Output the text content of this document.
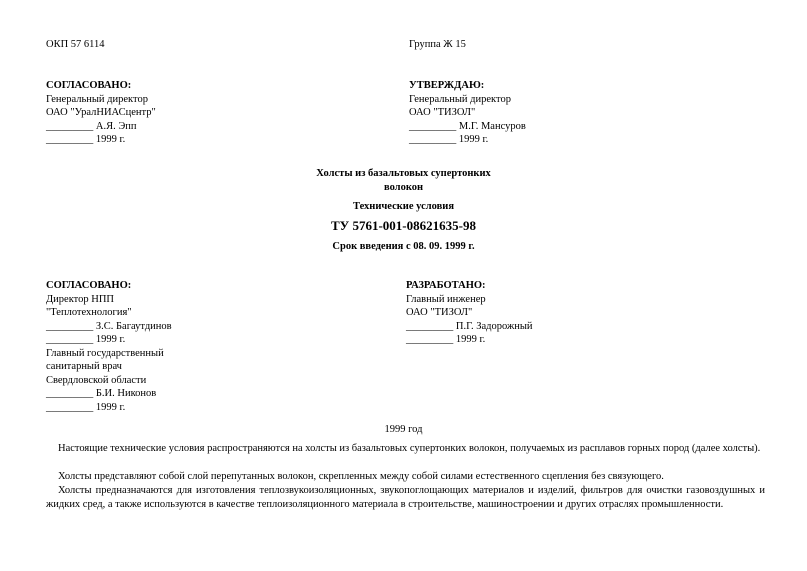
ОКП 57 6114	Группа Ж 15
СОГЛАСОВАНО:
Генеральный директор
ОАО "УралНИАСцентр"
_________ А.Я. Эпп
_________ 1999 г.
УТВЕРЖДАЮ:
Генеральный директор
ОАО "ТИЗОЛ"
_________ М.Г. Мансуров
_________ 1999 г.
Холсты из базальтовых супертонких
волокон
Технические условия
ТУ 5761-001-08621635-98
Срок введения с 08. 09. 1999 г.
СОГЛАСОВАНО:
Директор НПП
"Теплотехнология"
_________ З.С. Багаутдинов
_________ 1999 г.
Главный государственный
санитарный врач
Свердловской области
_________ Б.И. Никонов
_________ 1999 г.
РАЗРАБОТАНО:
Главный инженер
ОАО "ТИЗОЛ"
_________ П.Г. Задорожный
_________ 1999 г.
1999 год
Настоящие технические условия распространяются на холсты из базальтовых супертонких волокон, получаемых из расплавов горных пород (далее холсты).
Холсты представляют собой слой перепутанных волокон, скрепленных между собой силами естественного сцепления без связующего.
Холсты предназначаются для изготовления теплозвукоизоляционных, звукопоглощающих материалов и изделий, фильтров для очистки газовоздушных и жидких сред, а также используются в качестве теплоизоляционного материала в строительстве, машиностроении и других отраслях промышленности.
